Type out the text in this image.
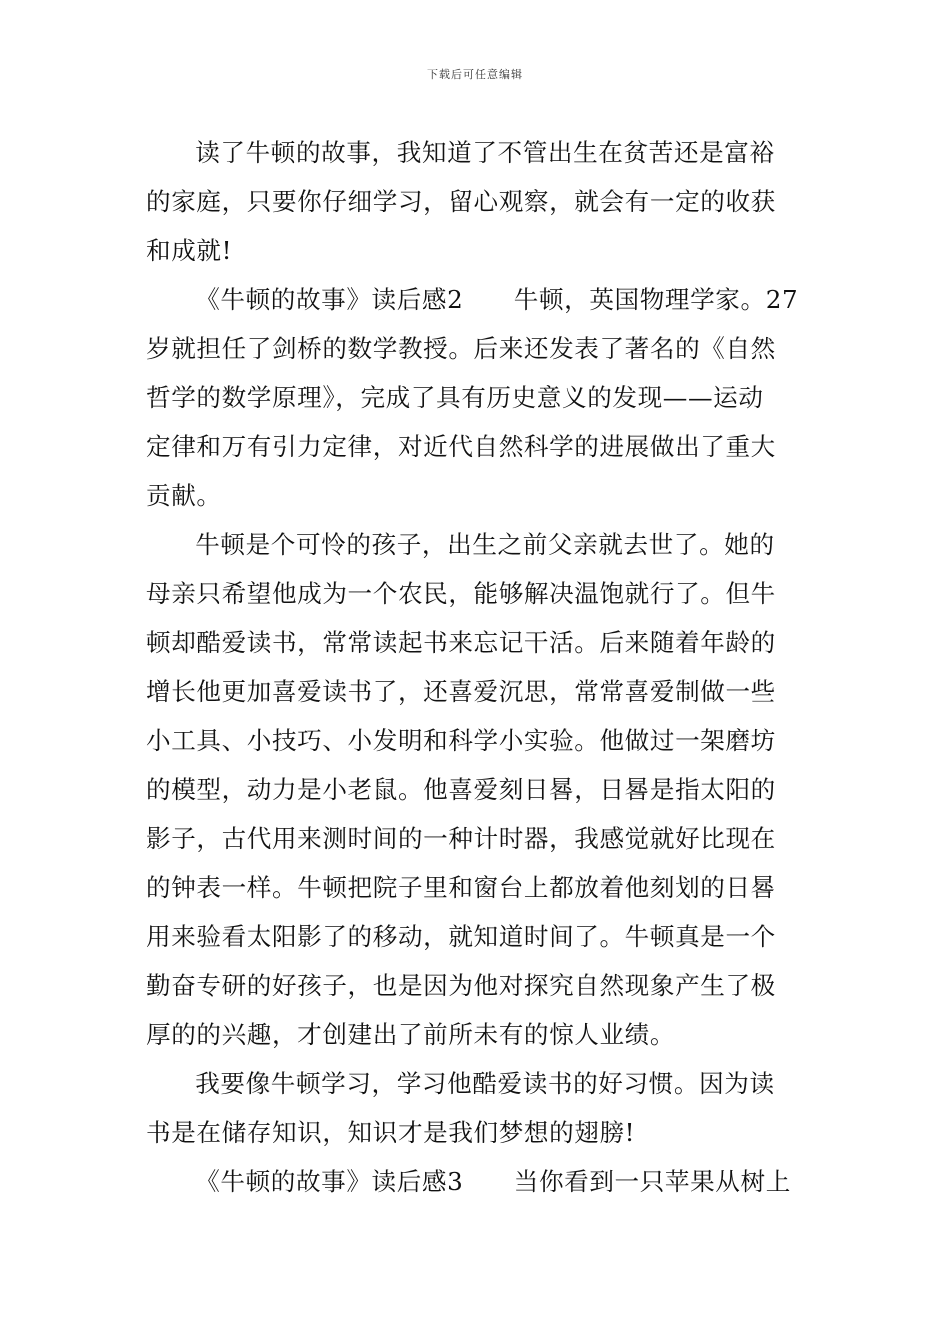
下载后可任意编辑
读了牛顿的故事，我知道了不管出生在贫苦还是富裕
的家庭，只要你仔细学习，留心观察，就会有一定的收获
和成就!
《牛顿的故事》读后感2　　牛顿，英国物理学家。27
岁就担任了剑桥的数学教授。后来还发表了著名的《自然
哲学的数学原理》，完成了具有历史意义的发现——运动
定律和万有引力定律，对近代自然科学的进展做出了重大
贡献。
牛顿是个可怜的孩子，出生之前父亲就去世了。她的
母亲只希望他成为一个农民，能够解决温饱就行了。但牛
顿却酷爱读书，常常读起书来忘记干活。后来随着年龄的
增长他更加喜爱读书了，还喜爱沉思，常常喜爱制做一些
小工具、小技巧、小发明和科学小实验。他做过一架磨坊
的模型，动力是小老鼠。他喜爱刻日晷，日晷是指太阳的
影子，古代用来测时间的一种计时器，我感觉就好比现在
的钟表一样。牛顿把院子里和窗台上都放着他刻划的日晷
用来验看太阳影了的移动，就知道时间了。牛顿真是一个
勤奋专研的好孩子，也是因为他对探究自然现象产生了极
厚的的兴趣，才创建出了前所未有的惊人业绩。
我要像牛顿学习，学习他酷爱读书的好习惯。因为读
书是在储存知识，知识才是我们梦想的翅膀!
《牛顿的故事》读后感3　　当你看到一只苹果从树上
